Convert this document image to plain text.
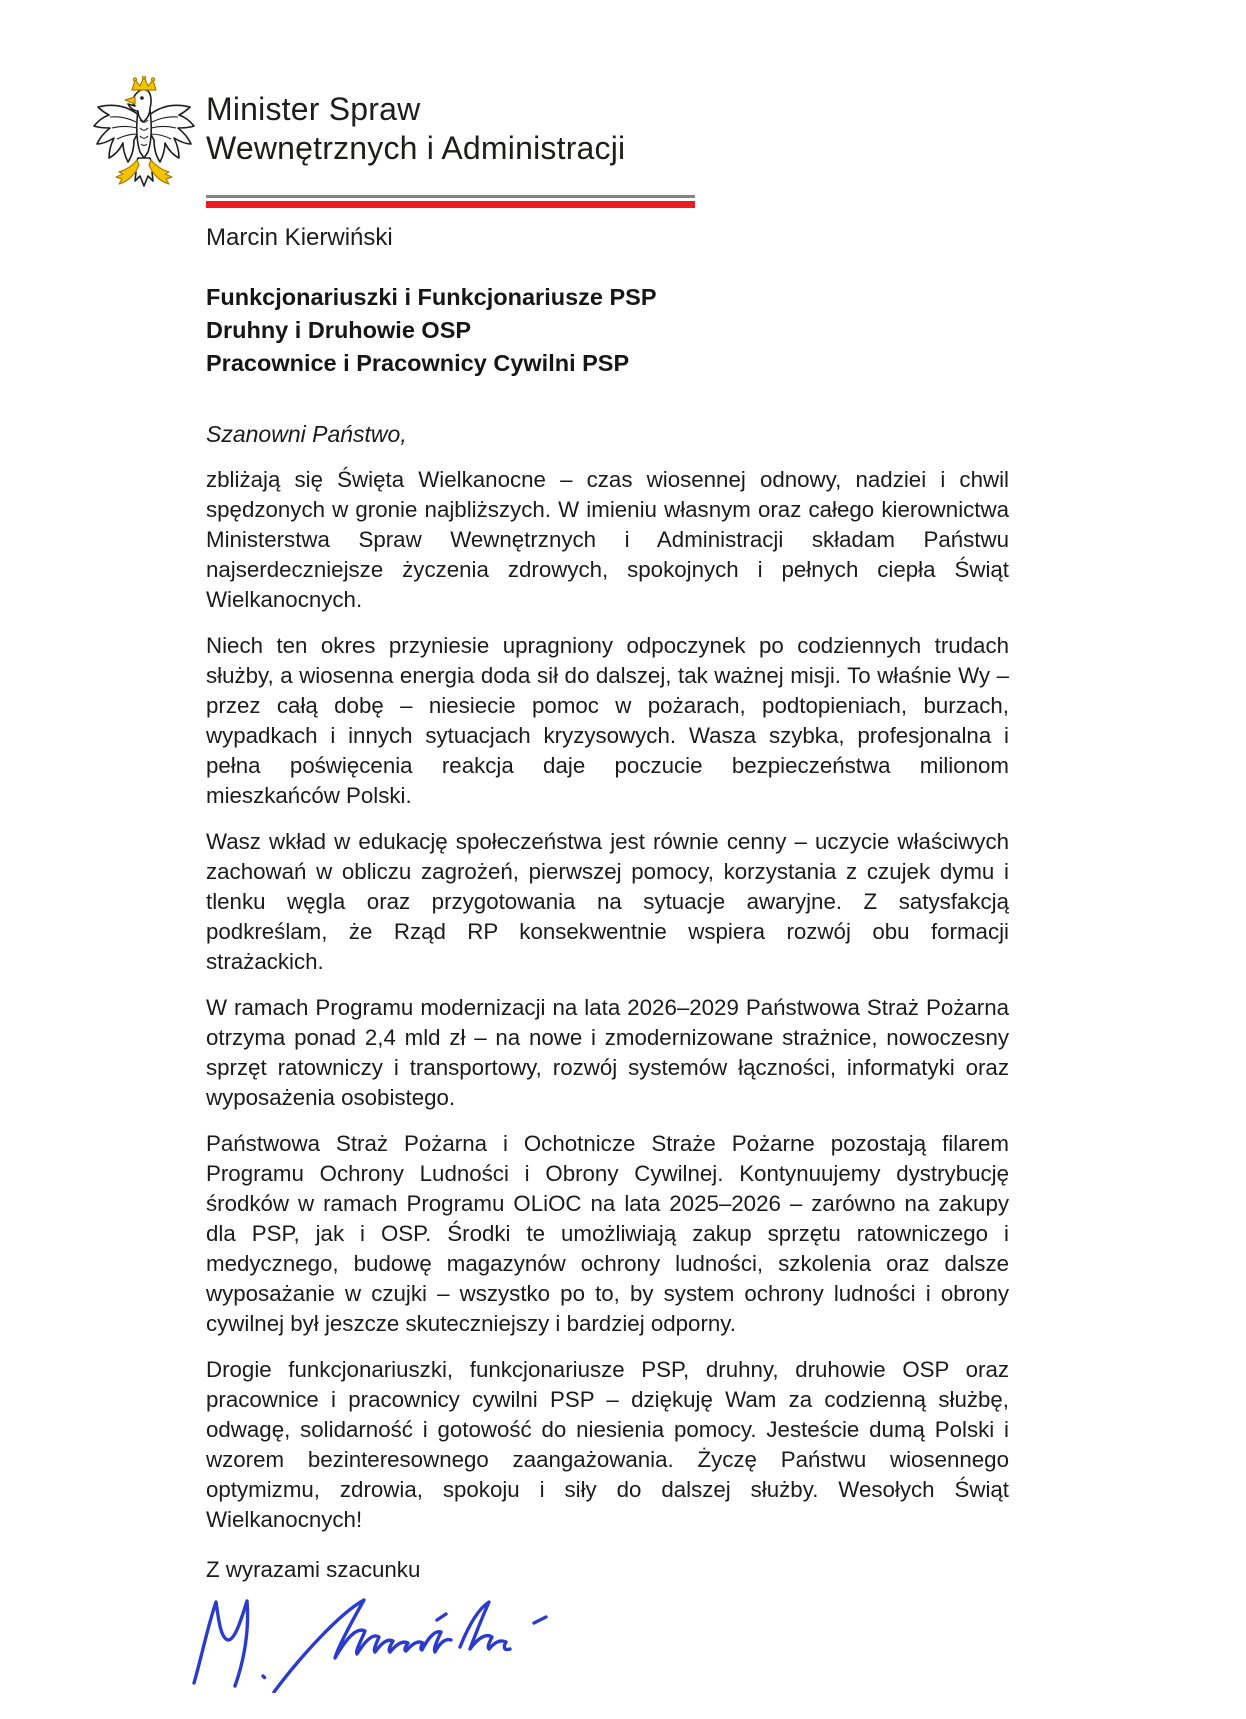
Minister Spraw
Wewnętrznych i Administracji
Marcin Kierwiński
Funkcjonariuszki i Funkcjonariusze PSP
Druhny i Druhowie OSP
Pracownice i Pracownicy Cywilni PSP
Szanowni Państwo,

zbliżają się Święta Wielkanocne – czas wiosennej odnowy, nadziei i chwil spędzonych w gronie najbliższych. W imieniu własnym oraz całego kierownictwa Ministerstwa Spraw Wewnętrznych i Administracji składam Państwu najserdeczniejsze życzenia zdrowych, spokojnych i pełnych ciepła Świąt Wielkanocnych.

Niech ten okres przyniesie upragniony odpoczynek po codziennych trudach służby, a wiosenna energia doda sił do dalszej, tak ważnej misji. To właśnie Wy – przez całą dobę – niesiecie pomoc w pożarach, podtopieniach, burzach, wypadkach i innych sytuacjach kryzysowych. Wasza szybka, profesjonalna i pełna poświęcenia reakcja daje poczucie bezpieczeństwa milionom mieszkańców Polski.

Wasz wkład w edukację społeczeństwa jest równie cenny – uczycie właściwych zachowań w obliczu zagrożeń, pierwszej pomocy, korzystania z czujek dymu i tlenku węgla oraz przygotowania na sytuacje awaryjne. Z satysfakcją podkreślam, że Rząd RP konsekwentnie wspiera rozwój obu formacji strażackich.

W ramach Programu modernizacji na lata 2026–2029 Państwowa Straż Pożarna otrzyma ponad 2,4 mld zł – na nowe i zmodernizowane strażnice, nowoczesny sprzęt ratowniczy i transportowy, rozwój systemów łączności, informatyki oraz wyposażenia osobistego.

Państwowa Straż Pożarna i Ochotnicze Straże Pożarne pozostają filarem Programu Ochrony Ludności i Obrony Cywilnej. Kontynuujemy dystrybucję środków w ramach Programu OLiOC na lata 2025–2026 – zarówno na zakupy dla PSP, jak i OSP. Środki te umożliwiają zakup sprzętu ratowniczego i medycznego, budowę magazynów ochrony ludności, szkolenia oraz dalsze wyposażanie w czujki – wszystko po to, by system ochrony ludności i obrony cywilnej był jeszcze skuteczniejszy i bardziej odporny.

Drogie funkcjonariuszki, funkcjonariusze PSP, druhny, druhowie OSP oraz pracownice i pracownicy cywilni PSP – dziękuję Wam za codzienną służbę, odwagę, solidarność i gotowość do niesienia pomocy. Jesteście dumą Polski i wzorem bezinteresownego zaangażowania. Życzę Państwu wiosennego optymizmu, zdrowia, spokoju i siły do dalszej służby. Wesołych Świąt Wielkanocnych!

Z wyrazami szacunku
